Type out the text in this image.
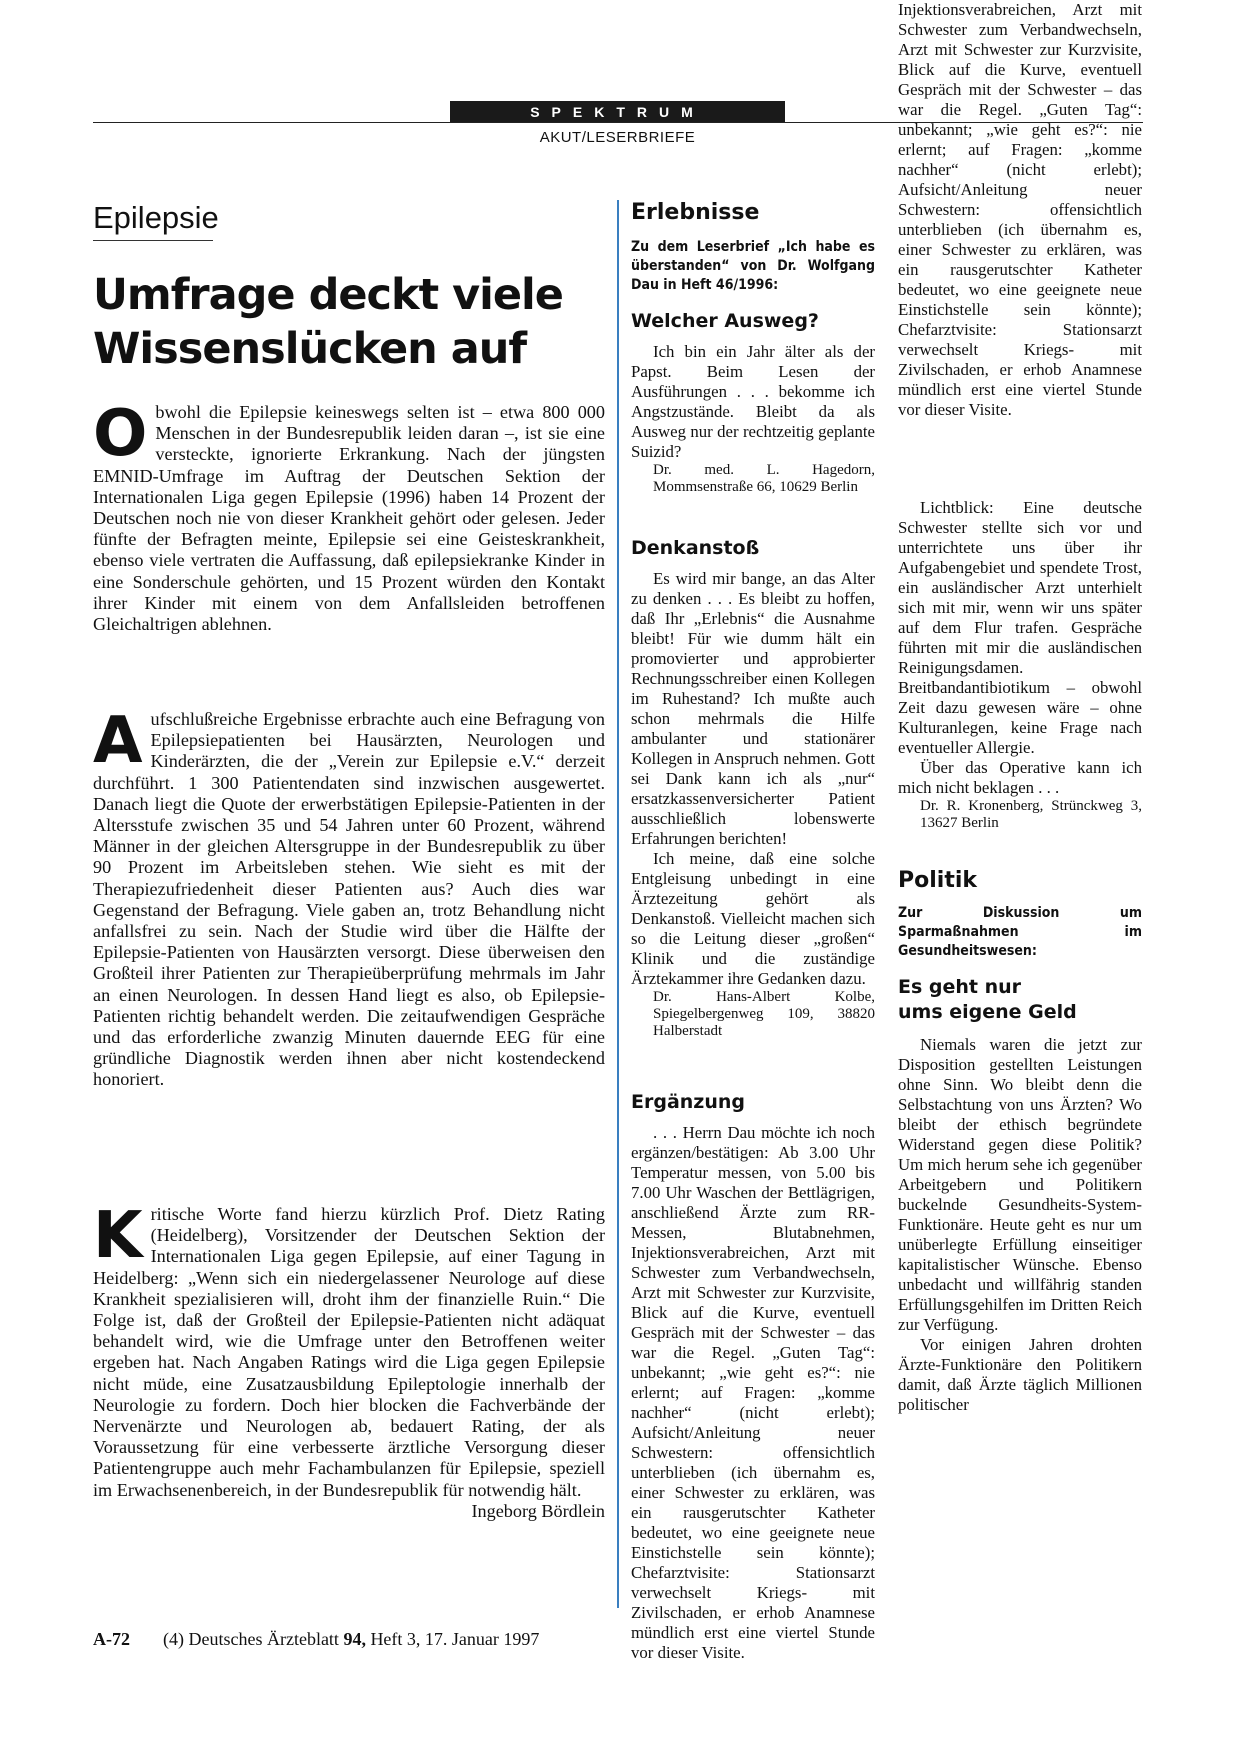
SPEKTRUM
AKUT/LESERBRIEFE
Epilepsie
Umfrage deckt viele
Wissenslücken auf

Obwohl die Epilepsie keineswegs selten ist – etwa 800 000 Menschen in der Bundesrepublik leiden daran –, ist sie eine versteckte, ignorierte Erkrankung. Nach der jüngsten EMNID-Umfrage im Auftrag der Deutschen Sektion der Internationalen Liga gegen Epilepsie (1996) haben 14 Prozent der Deutschen noch nie von dieser Krankheit gehört oder gelesen. Jeder fünfte der Befragten meinte, Epilepsie sei eine Geisteskrankheit, ebenso viele vertraten die Auffassung, daß epilepsiekranke Kinder in eine Sonderschule gehörten, und 15 Prozent würden den Kontakt ihrer Kinder mit einem von dem Anfallsleiden betroffenen Gleichaltrigen ablehnen.

Aufschlußreiche Ergebnisse erbrachte auch eine Befragung von Epilepsiepatienten bei Hausärzten, Neurologen und Kinderärzten, die der „Verein zur Epilepsie e.V.“ derzeit durchführt. 1 300 Patientendaten sind inzwischen ausgewertet. Danach liegt die Quote der erwerbstätigen Epilepsie-Patienten in der Altersstufe zwischen 35 und 54 Jahren unter 60 Prozent, während Männer in der gleichen Altersgruppe in der Bundesrepublik zu über 90 Prozent im Arbeitsleben stehen. Wie sieht es mit der Therapiezufriedenheit dieser Patienten aus? Auch dies war Gegenstand der Befragung. Viele gaben an, trotz Behandlung nicht anfallsfrei zu sein. Nach der Studie wird über die Hälfte der Epilepsie-Patienten von Hausärzten versorgt. Diese überweisen den Großteil ihrer Patienten zur Therapieüberprüfung mehrmals im Jahr an einen Neurologen. In dessen Hand liegt es also, ob Epilepsie-Patienten richtig behandelt werden. Die zeitaufwendigen Gespräche und das erforderliche zwanzig Minuten dauernde EEG für eine gründliche Diagnostik werden ihnen aber nicht kostendeckend honoriert.

Kritische Worte fand hierzu kürzlich Prof. Dietz Rating (Heidelberg), Vorsitzender der Deutschen Sektion der Internationalen Liga gegen Epilepsie, auf einer Tagung in Heidelberg: „Wenn sich ein niedergelassener Neurologe auf diese Krankheit spezialisieren will, droht ihm der finanzielle Ruin.“ Die Folge ist, daß der Großteil der Epilepsie-Patienten nicht adäquat behandelt wird, wie die Umfrage unter den Betroffenen weiter ergeben hat. Nach Angaben Ratings wird die Liga gegen Epilepsie nicht müde, eine Zusatzausbildung Epileptologie innerhalb der Neurologie zu fordern. Doch hier blocken die Fachverbände der Nervenärzte und Neurologen ab, bedauert Rating, der als Voraussetzung für eine verbesserte ärztliche Versorgung dieser Patientengruppe auch mehr Fachambulanzen für Epilepsie, speziell im Erwachsenenbereich, in der Bundesrepublik für notwendig hält.
Ingeborg Bördlein

Erlebnisse
Zu dem Leserbrief „Ich habe es überstanden“ von Dr. Wolfgang Dau in Heft 46/1996:
Welcher Ausweg?

Ich bin ein Jahr älter als der Papst. Beim Lesen der Ausführungen . . . bekomme ich Angstzustände. Bleibt da als Ausweg nur der rechtzeitig geplante Suizid?

Dr. med. L. Hagedorn, Mommsenstraße 66, 10629 Berlin
Denkanstoß

Es wird mir bange, an das Alter zu denken . . . Es bleibt zu hoffen, daß Ihr „Erlebnis“ die Ausnahme bleibt! Für wie dumm hält ein promovierter und approbierter Rechnungsschreiber einen Kollegen im Ruhestand? Ich mußte auch schon mehrmals die Hilfe ambulanter und stationärer Kollegen in Anspruch nehmen. Gott sei Dank kann ich als „nur“ ersatzkassenversicherter Patient ausschließlich lobenswerte Erfahrungen berichten!

Ich meine, daß eine solche Entgleisung unbedingt in eine Ärztezeitung gehört als Denkanstoß. Vielleicht machen sich so die Leitung dieser „großen“ Klinik und die zuständige Ärztekammer ihre Gedanken dazu.

Dr. Hans-Albert Kolbe, Spiegelbergenweg 109, 38820 Halberstadt
Ergänzung

. . . Herrn Dau möchte ich noch ergänzen/bestätigen: Ab 3.00 Uhr Temperatur messen, von 5.00 bis 7.00 Uhr Waschen der Bettlägrigen, anschließend Ärzte zum RR-Messen, Blutabnehmen, Injektionsverabreichen, Arzt mit Schwester zum Verbandwechseln, Arzt mit Schwester zur Kurzvisite, Blick auf die Kurve, eventuell Gespräch mit der Schwester – das war die Regel. „Guten Tag“: unbekannt; „wie geht es?“: nie erlernt; auf Fragen: „komme nachher“ (nicht erlebt); Aufsicht/Anleitung neuer Schwestern: offensichtlich unterblieben (ich übernahm es, einer Schwester zu erklären, was ein rausgerutschter Katheter bedeutet, wo eine geeignete neue Einstichstelle sein könnte); Chefarztvisite: Stationsarzt verwechselt Kriegs- mit Zivilschaden, er erhob Anamnese mündlich erst eine viertel Stunde vor dieser Visite.

Injektionsverabreichen, Arzt mit Schwester zum Verbandwechseln, Arzt mit Schwester zur Kurzvisite, Blick auf die Kurve, eventuell Gespräch mit der Schwester – das war die Regel. „Guten Tag“: unbekannt; „wie geht es?“: nie erlernt; auf Fragen: „komme nachher“ (nicht erlebt); Aufsicht/Anleitung neuer Schwestern: offensichtlich unterblieben (ich übernahm es, einer Schwester zu erklären, was ein rausgerutschter Katheter bedeutet, wo eine geeignete neue Einstichstelle sein könnte); Chefarztvisite: Stationsarzt verwechselt Kriegs- mit Zivilschaden, er erhob Anamnese mündlich erst eine viertel Stunde vor dieser Visite.

Lichtblick: Eine deutsche Schwester stellte sich vor und unterrichtete uns über ihr Aufgabengebiet und spendete Trost, ein ausländischer Arzt unterhielt sich mit mir, wenn wir uns später auf dem Flur trafen. Gespräche führten mit mir die ausländischen Reinigungsdamen. Breitbandantibiotikum – obwohl Zeit dazu gewesen wäre – ohne Kulturanlegen, keine Frage nach eventueller Allergie.

Über das Operative kann ich mich nicht beklagen . . .

Dr. R. Kronenberg, Strünckweg 3, 13627 Berlin
Politik
Zur Diskussion um Sparmaßnahmen im Gesundheitswesen:
Es geht nur
ums eigene Geld

Niemals waren die jetzt zur Disposition gestellten Leistungen ohne Sinn. Wo bleibt denn die Selbstachtung von uns Ärzten? Wo bleibt der ethisch begründete Widerstand gegen diese Politik? Um mich herum sehe ich gegenüber Arbeitgebern und Politikern buckelnde Gesundheits-System-Funktionäre. Heute geht es nur um unüberlegte Erfüllung einseitiger kapitalistischer Wünsche. Ebenso unbedacht und willfährig standen Erfüllungsgehilfen im Dritten Reich zur Verfügung.

Vor einigen Jahren drohten Ärzte-Funktionäre den Politikern damit, daß Ärzte täglich Millionen politischer

A-72 (4) Deutsches Ärzteblatt 94, Heft 3, 17. Januar 1997
